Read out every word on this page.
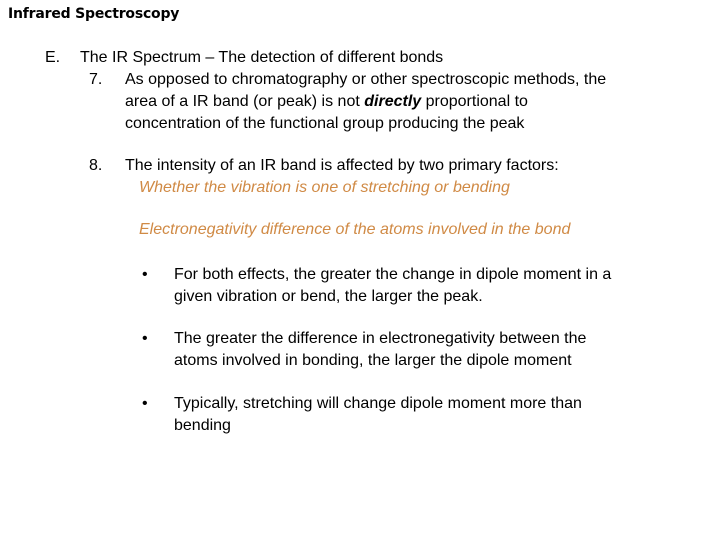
Infrared Spectroscopy
E. The IR Spectrum – The detection of different bonds
7. As opposed to chromatography or other spectroscopic methods, the
area of a IR band (or peak) is not directly proportional to
concentration of the functional group producing the peak
8. The intensity of an IR band is affected by two primary factors:
Whether the vibration is one of stretching or bending
Electronegativity difference of the atoms involved in the bond
• For both effects, the greater the change in dipole moment in a
given vibration or bend, the larger the peak.
• The greater the difference in electronegativity between the
atoms involved in bonding, the larger the dipole moment
• Typically, stretching will change dipole moment more than
bending
